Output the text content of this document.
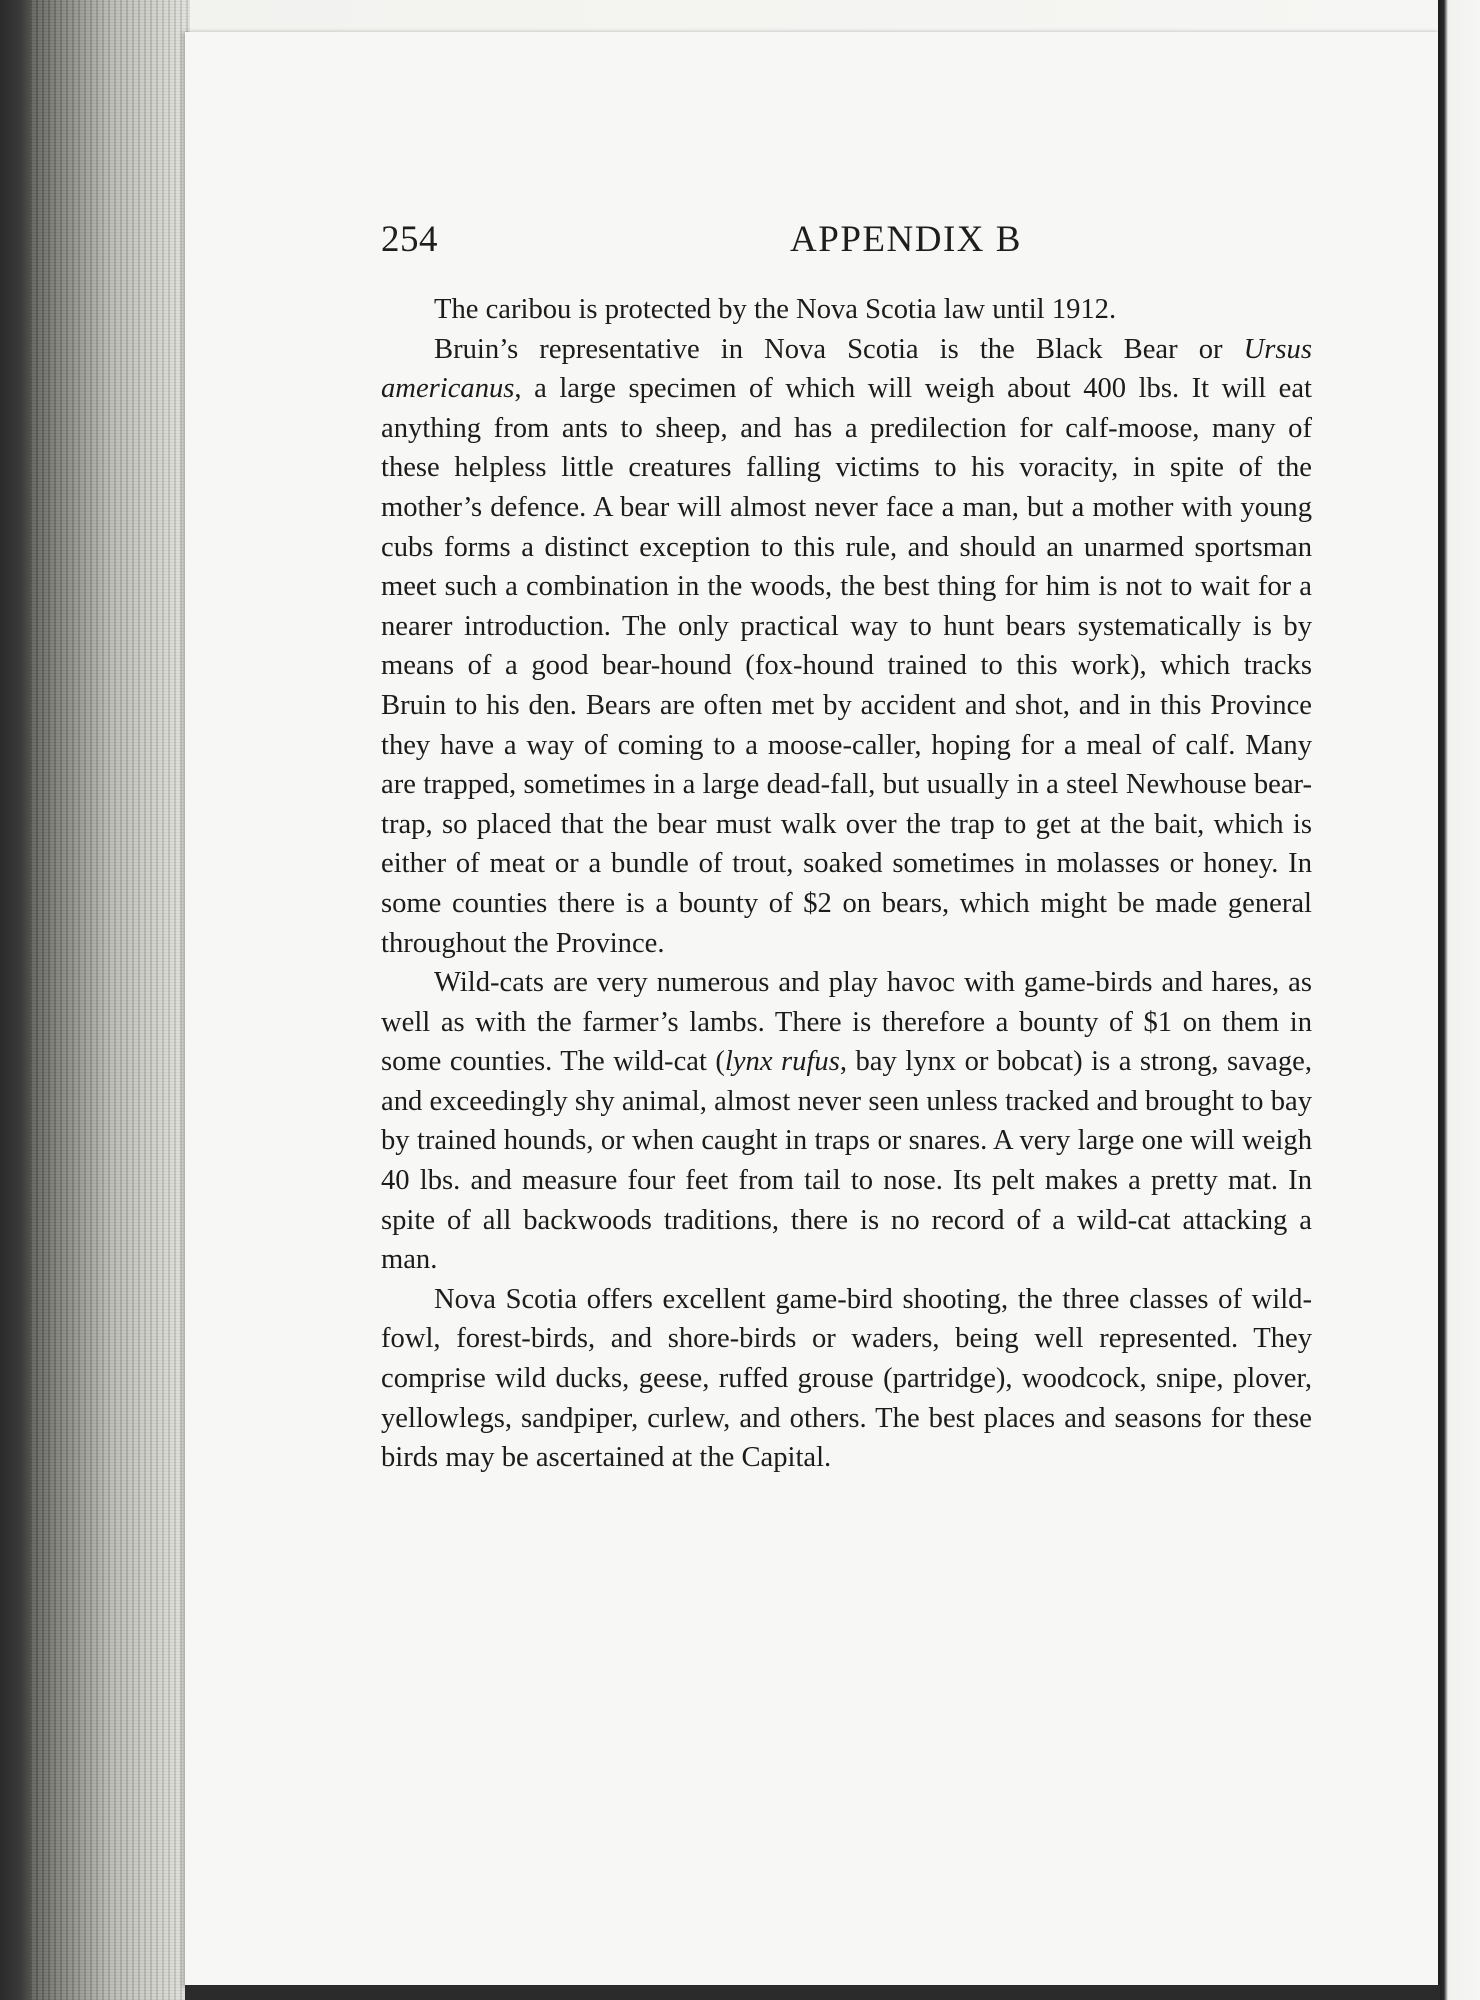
254	APPENDIX B

The caribou is protected by the Nova Scotia law until 1912.

Bruin’s representative in Nova Scotia is the Black Bear or Ursus americanus, a large specimen of which will weigh about 400 lbs. It will eat anything from ants to sheep, and has a predilection for calf-moose, many of these helpless little creatures falling victims to his voracity, in spite of the mother’s defence. A bear will almost never face a man, but a mother with young cubs forms a distinct exception to this rule, and should an unarmed sportsman meet such a combination in the woods, the best thing for him is not to wait for a nearer introduction. The only practical way to hunt bears systematically is by means of a good bear-hound (fox-hound trained to this work), which tracks Bruin to his den. Bears are often met by accident and shot, and in this Province they have a way of coming to a moose-caller, hoping for a meal of calf. Many are trapped, sometimes in a large dead-fall, but usually in a steel Newhouse bear-trap, so placed that the bear must walk over the trap to get at the bait, which is either of meat or a bundle of trout, soaked sometimes in molasses or honey. In some counties there is a bounty of $2 on bears, which might be made general throughout the Province.

Wild-cats are very numerous and play havoc with game-birds and hares, as well as with the farmer’s lambs. There is therefore a bounty of $1 on them in some counties. The wild-cat (lynx rufus, bay lynx or bobcat) is a strong, savage, and exceedingly shy animal, almost never seen unless tracked and brought to bay by trained hounds, or when caught in traps or snares. A very large one will weigh 40 lbs. and measure four feet from tail to nose. Its pelt makes a pretty mat. In spite of all backwoods traditions, there is no record of a wild-cat attacking a man.

Nova Scotia offers excellent game-bird shooting, the three classes of wild-fowl, forest-birds, and shore-birds or waders, being well represented. They comprise wild ducks, geese, ruffed grouse (partridge), woodcock, snipe, plover, yellowlegs, sandpiper, curlew, and others. The best places and seasons for these birds may be ascertained at the Capital.
